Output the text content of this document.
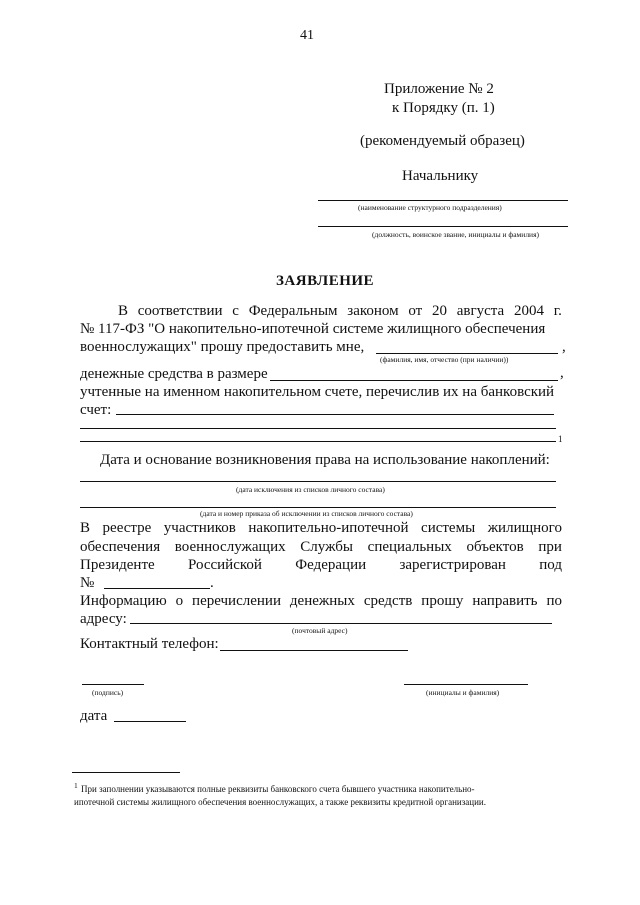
41
Приложение № 2
к Порядку (п. 1)
(рекомендуемый образец)
Начальнику
(наименование структурного подразделения)
(должность, воинское звание, инициалы и фамилия)
ЗАЯВЛЕНИЕ
В соответствии с Федеральным законом от 20 августа 2004 г.
№ 117-ФЗ "О накопительно-ипотечной системе жилищного обеспечения
военнослужащих" прошу предоставить мне,	,
(фамилия, имя, отчество (при наличии))
денежные средства в размере	,
учтенные на именном накопительном счете, перечислив их на банковский
счет:
1
Дата и основание возникновения права на использование накоплений:
(дата исключения из списков личного состава)
(дата и номер приказа об исключении из списков личного состава)
В реестре участников накопительно-ипотечной системы жилищного
обеспечения военнослужащих Службы специальных объектов при
Президенте Российской Федерации зарегистрирован под
№	.
Информацию о перечислении денежных средств прошу направить по
адресу:
(почтовый адрес)
Контактный телефон:
(подпись)	(инициалы и фамилия)
дата
1 При заполнении указываются полные реквизиты банковского счета бывшего участника накопительно-
ипотечной системы жилищного обеспечения военнослужащих, а также реквизиты кредитной организации.
